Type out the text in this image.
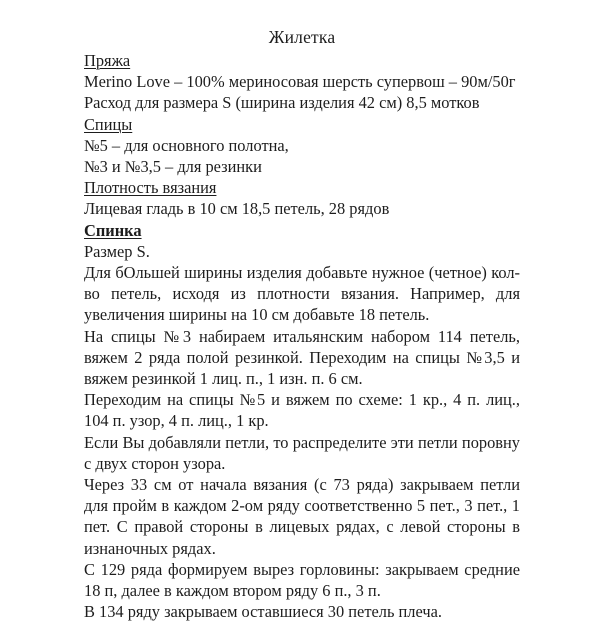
Жилетка
Пряжа

Merino Love – 100% мериносовая шерсть супервош – 90м/50г

Расход для размера S (ширина изделия 42 см) 8,5 мотков

Спицы

№5 – для основного полотна,

№3 и №3,5 – для резинки

Плотность вязания

Лицевая гладь в 10 см 18,5 петель, 28 рядов

Спинка

Размер S.

Для бОльшей ширины изделия добавьте нужное (четное) кол-во петель, исходя из плотности вязания. Например, для увеличения ширины на 10 см добавьте 18 петель.

На спицы №3 набираем итальянским набором 114 петель, вяжем 2 ряда полой резинкой. Переходим на спицы №3,5 и вяжем резинкой 1 лиц. п., 1 изн. п. 6 см.

Переходим на спицы №5 и вяжем по схеме: 1 кр., 4 п. лиц., 104 п. узор, 4 п. лиц., 1 кр.

Если Вы добавляли петли, то распределите эти петли поровну с двух сторон узора.

Через 33 см от начала вязания (с 73 ряда) закрываем петли для пройм в каждом 2-ом ряду соответственно 5 пет., 3 пет., 1 пет. С правой стороны в лицевых рядах, с левой стороны в изнаночных рядах.

С 129 ряда формируем вырез горловины: закрываем средние 18 п, далее в каждом втором ряду 6 п., 3 п.

В 134 ряду закрываем оставшиеся 30 петель плеча.
